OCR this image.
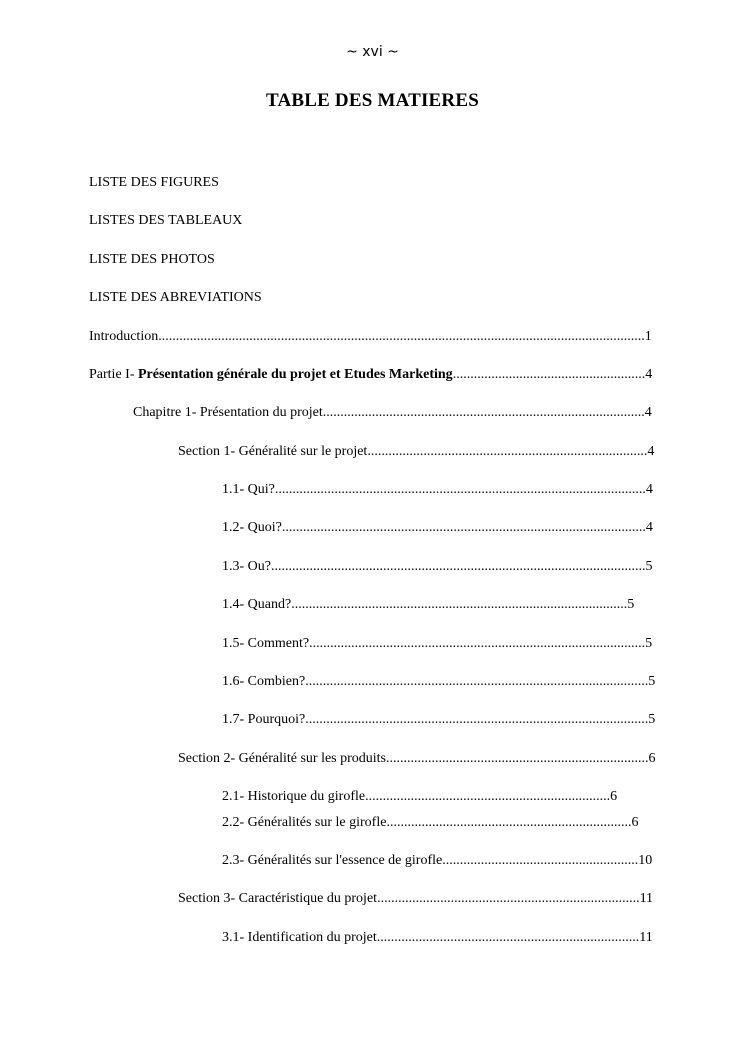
~ xvi ~
TABLE DES MATIERES
LISTE DES FIGURES
LISTES DES TABLEAUX
LISTE DES PHOTOS
LISTE DES ABREVIATIONS
Introduction...........................................................................................................................................1
Partie I- Présentation générale du projet et Etudes Marketing.......................................................4
Chapitre 1- Présentation du projet............................................................................................4
Section 1- Généralité sur le projet................................................................................4
1.1- Qui?..........................................................................................................4
1.2- Quoi?........................................................................................................4
1.3- Ou?...........................................................................................................5
1.4- Quand?................................................................................................5
1.5- Comment?................................................................................................5
1.6- Combien?..................................................................................................5
1.7- Pourquoi?..................................................................................................5
Section 2- Généralité sur les produits...........................................................................6
2.1- Historique du girofle......................................................................6
2.2- Généralités sur le girofle......................................................................6
2.3- Généralités sur l'essence de girofle........................................................10
Section 3- Caractéristique du projet...........................................................................11
3.1- Identification du projet...........................................................................11
